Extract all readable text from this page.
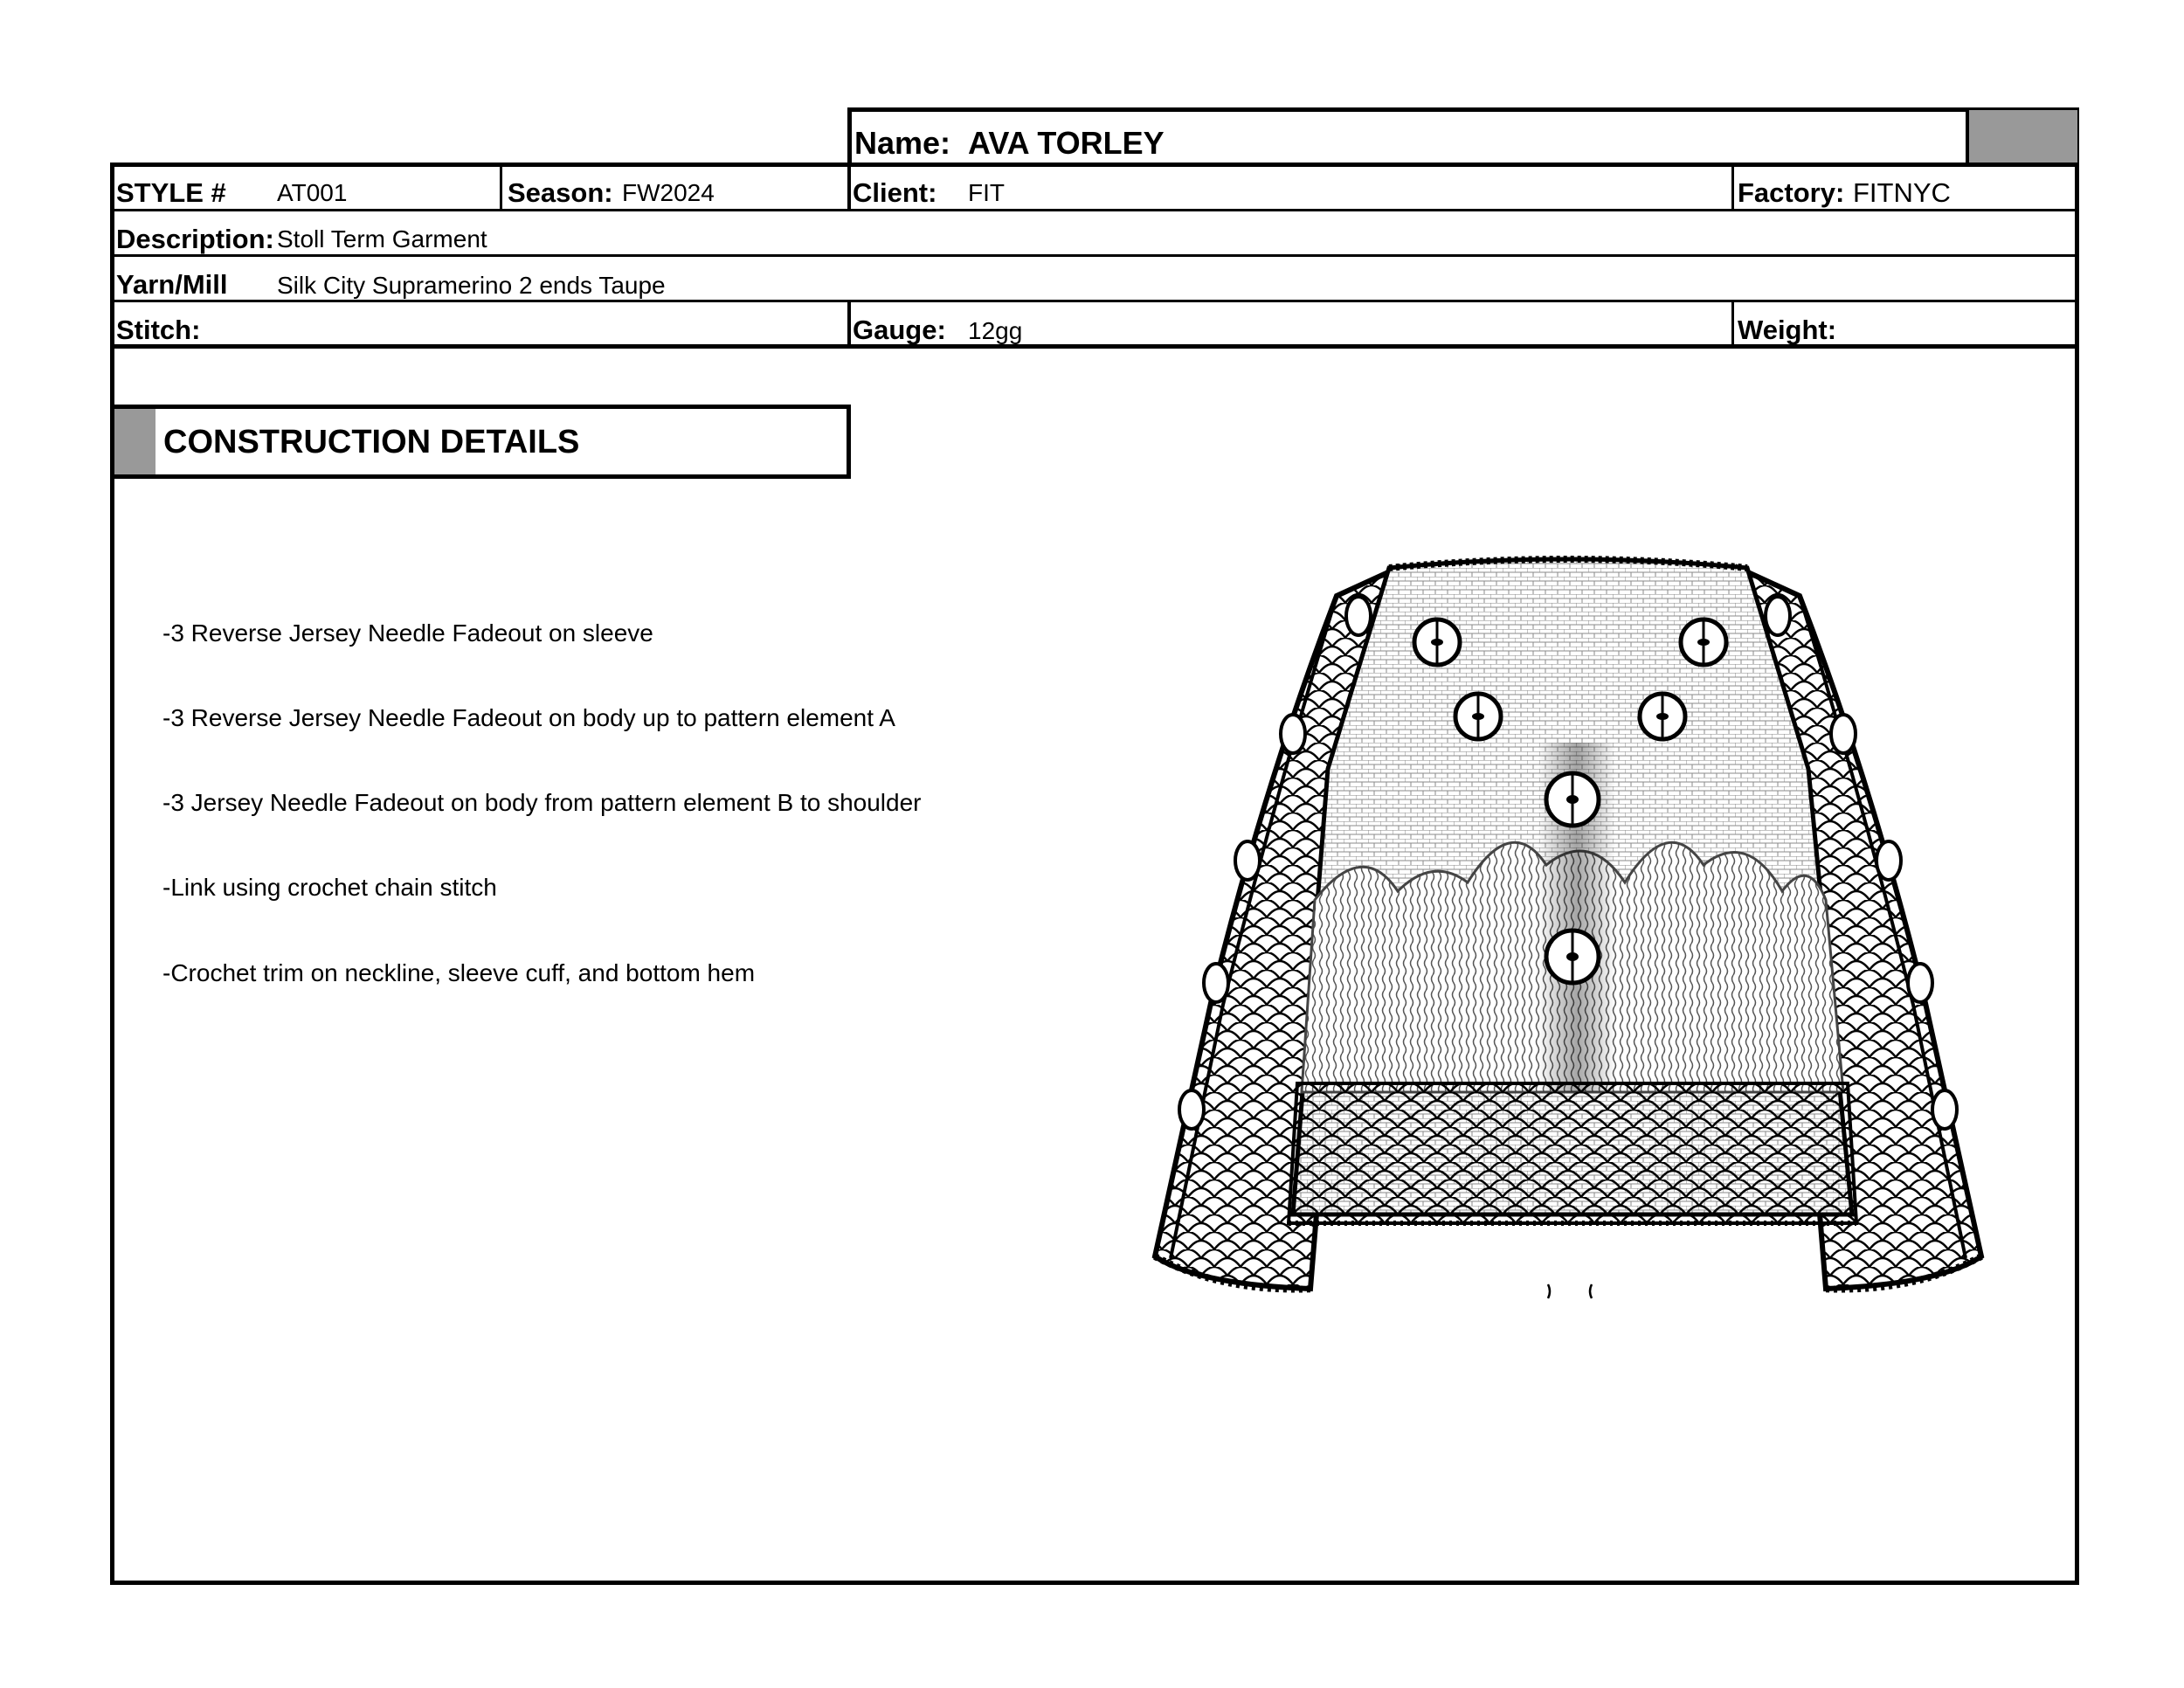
Name: AVA TORLEY
STYLE # AT001	Season: FW2024	Client: FIT	Factory: FITNYC
Description: Stoll Term Garment
Yarn/Mill Silk City Supramerino 2 ends Taupe
Stitch:	Gauge: 12gg	Weight:
CONSTRUCTION DETAILS
-3 Reverse Jersey Needle Fadeout on sleeve
-3 Reverse Jersey Needle Fadeout on body up to pattern element A
-3 Jersey Needle Fadeout on body from pattern element B to shoulder
-Link using crochet chain stitch
-Crochet trim on neckline, sleeve cuff, and bottom hem
